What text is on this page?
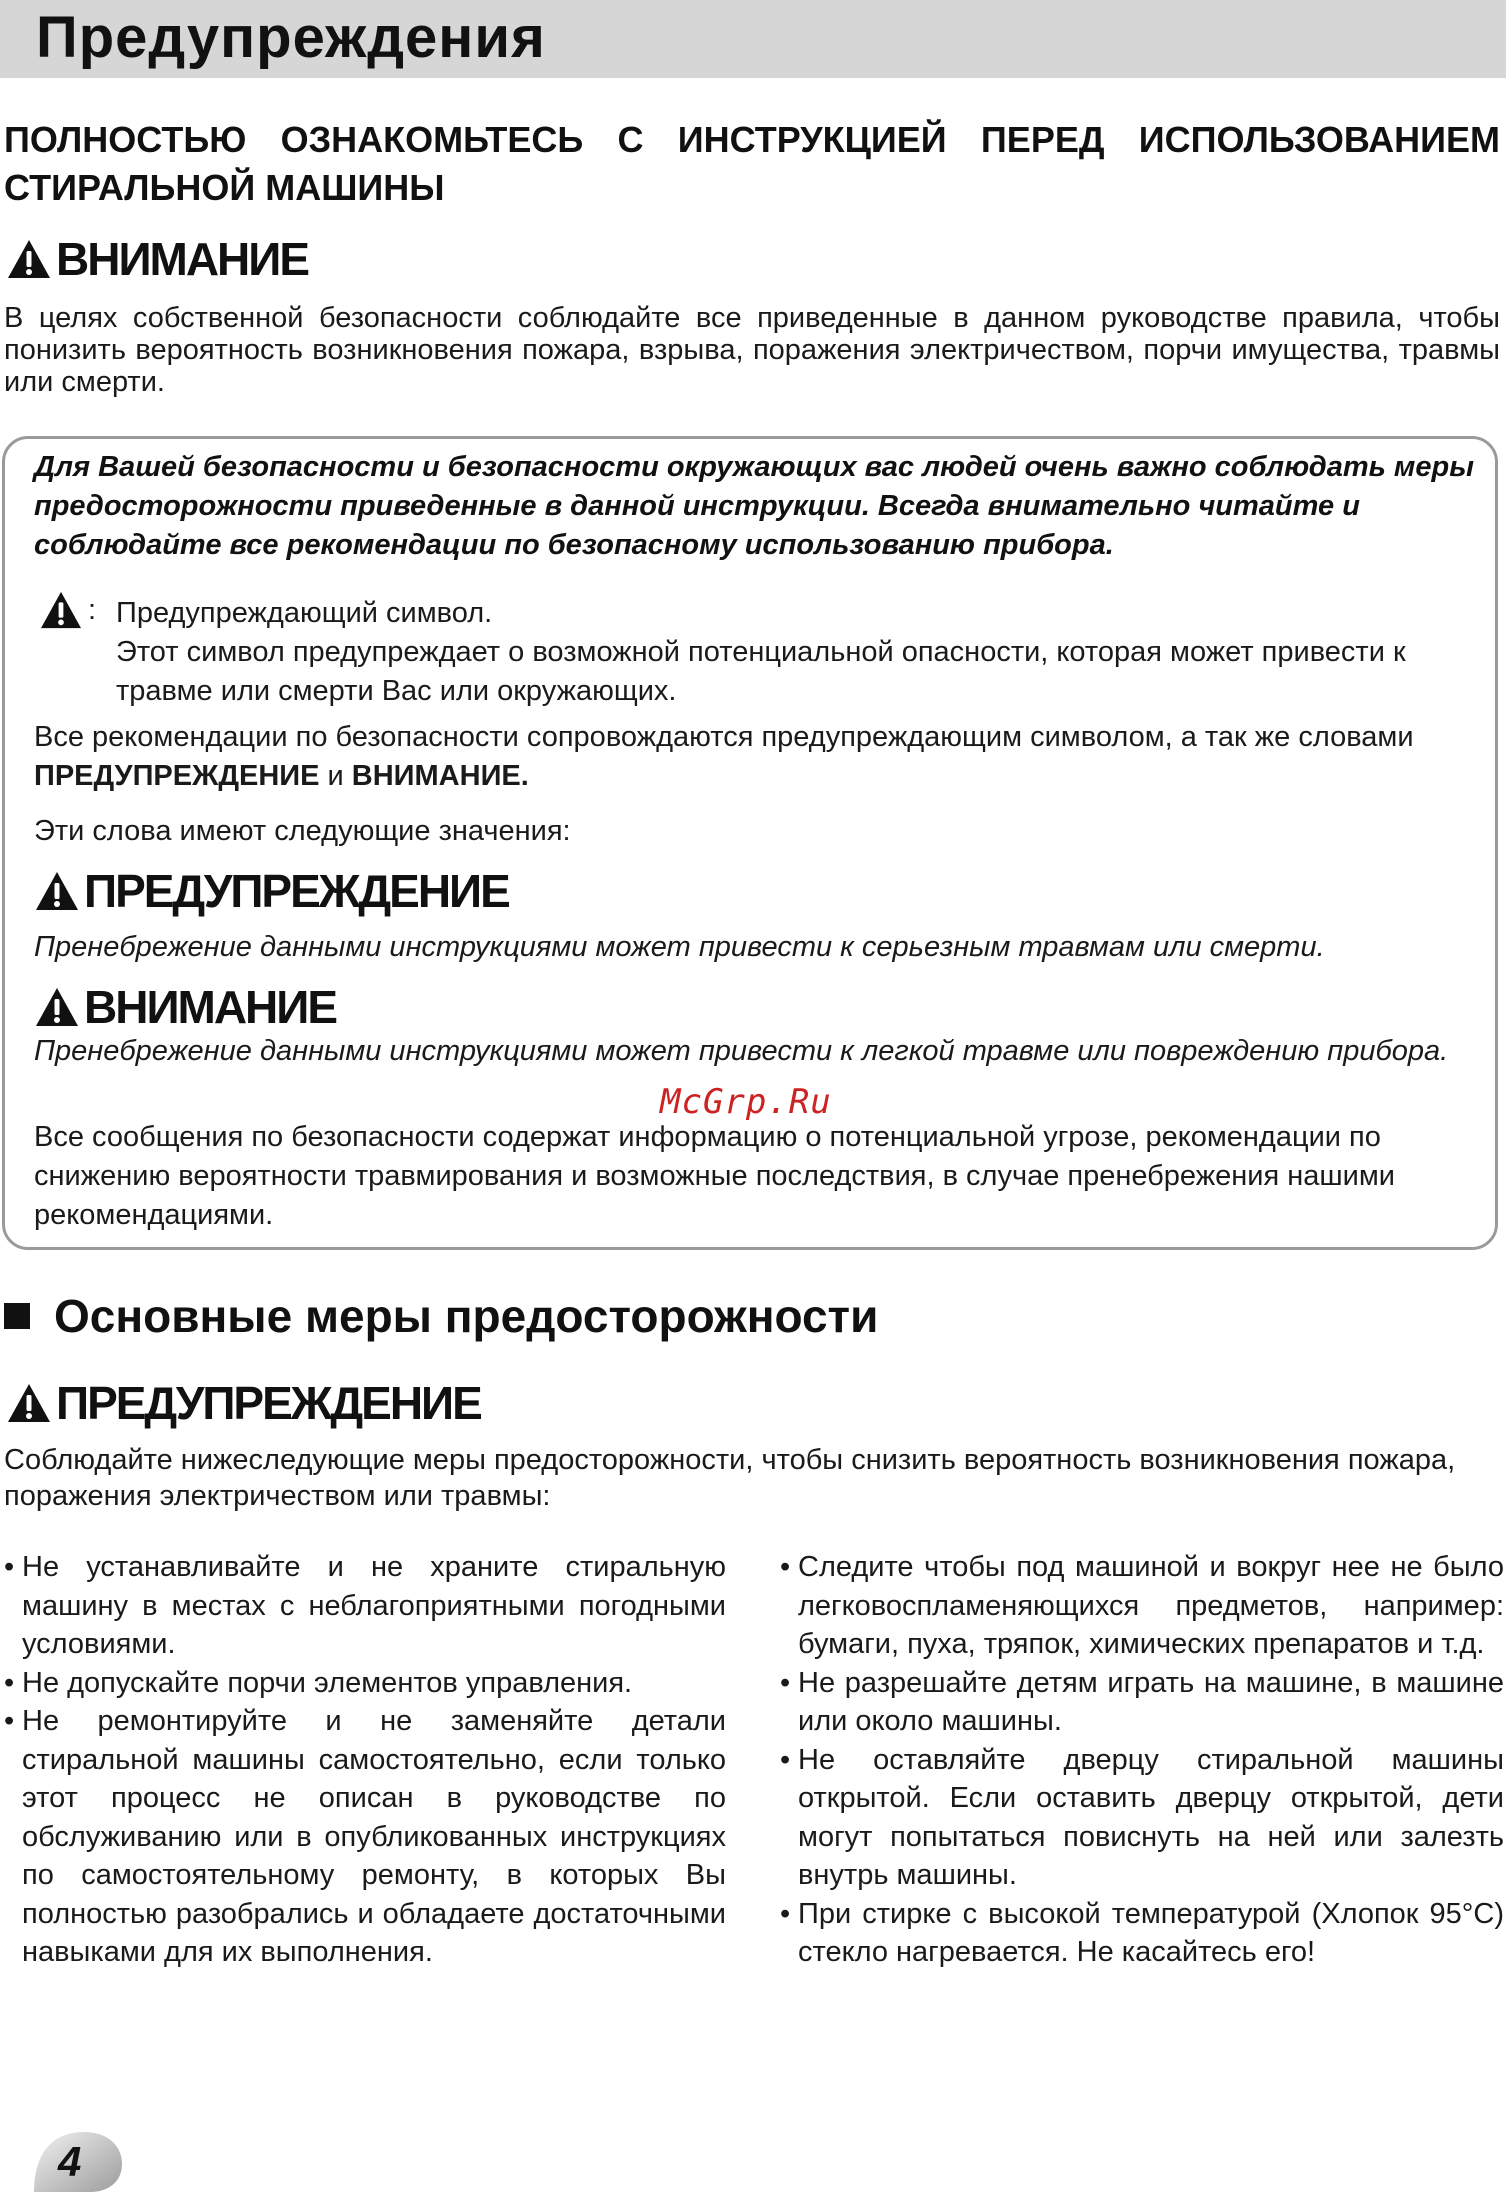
Предупреждения
ПОЛНОСТЬЮ ОЗНАКОМЬТЕСЬ С ИНСТРУКЦИЕЙ ПЕРЕД ИСПОЛЬЗОВАНИЕМ СТИРАЛЬНОЙ МАШИНЫ
ВНИМАНИЕ

В целях собственной безопасности соблюдайте все приведенные в данном руководстве правила, чтобы понизить вероятность возникновения пожара, взрыва, поражения электричеством, порчи имущества, травмы или смерти.

Для Вашей безопасности и безопасности окружающих вас людей очень важно соблюдать меры предосторожности приведенные в данной инструкции. Всегда внимательно читайте и соблюдайте все рекомендации по безопасному использованию прибора.

: Предупреждающий символ.
Этот символ предупреждает о возможной потенциальной опасности, которая может привести к травме или смерти Вас или окружающих.

Все рекомендации по безопасности сопровождаются предупреждающим символом, а так же словами ПРЕДУПРЕЖДЕНИЕ и ВНИМАНИЕ.

Эти слова имеют следующие значения:

ПРЕДУПРЕЖДЕНИЕ

Пренебрежение данными инструкциями может привести к серьезным травмам или смерти.

ВНИМАНИЕ

Пренебрежение данными инструкциями может привести к легкой травме или повреждению прибора.

McGrp.Ru

Все сообщения по безопасности содержат информацию о потенциальной угрозе, рекомендации по снижению вероятности травмирования и возможные последствия, в случае пренебрежения нашими рекомендациями.

Основные меры предосторожности
ПРЕДУПРЕЖДЕНИЕ

Соблюдайте нижеследующие меры предосторожности, чтобы снизить вероятность возникновения пожара, поражения электричеством или травмы:

• Не устанавливайте и не храните стиральную машину в местах с неблагоприятными погодными условиями.
• Не допускайте порчи элементов управления.
• Не ремонтируйте и не заменяйте детали стиральной машины самостоятельно, если только этот процесс не описан в руководстве по обслуживанию или в опубликованных инструкциях по самостоятельному ремонту, в которых Вы полностью разобрались и обладаете достаточными навыками для их выполнения.
• Следите чтобы под машиной и вокруг нее не было легковоспламеняющихся предметов, например: бумаги, пуха, тряпок, химических препаратов и т.д.
• Не разрешайте детям играть на машине, в машине или около машины.
• Не оставляйте дверцу стиральной машины открытой. Если оставить дверцу открытой, дети могут попытаться повиснуть на ней или залезть внутрь машины.
• При стирке с высокой температурой (Хлопок 95°C) стекло нагревается. Не касайтесь его!

4
